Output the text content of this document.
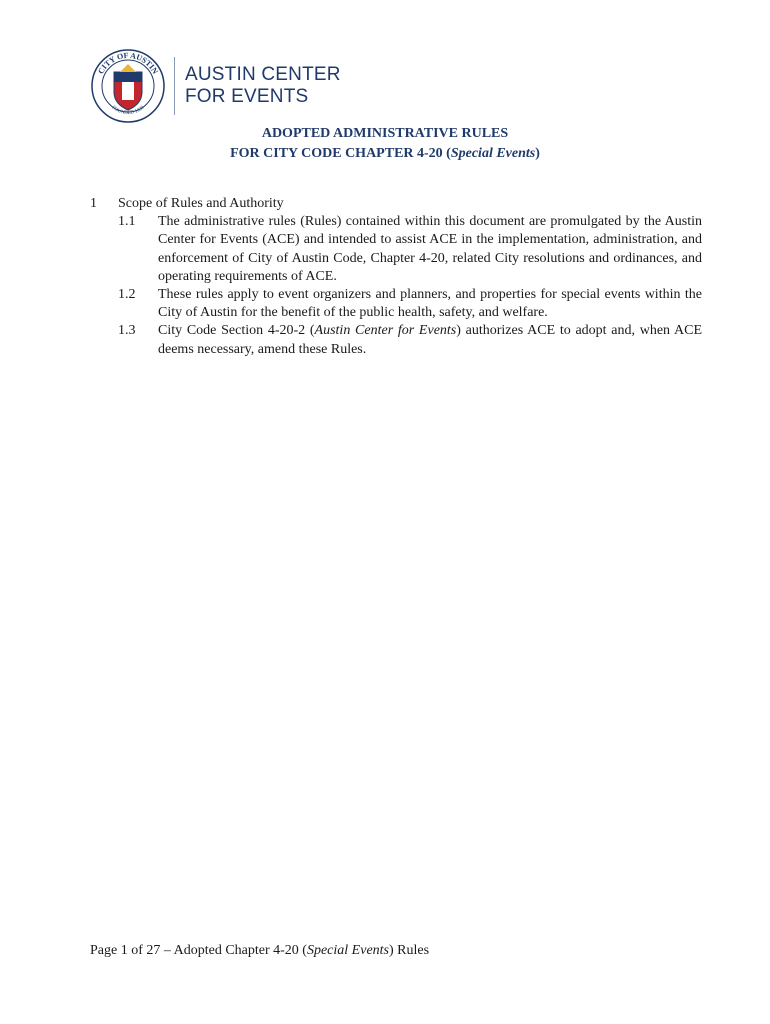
CITY OF AUSTIN
FOUNDED 1839
AUSTIN CENTER
FOR EVENTS
ADOPTED ADMINISTRATIVE RULES
FOR CITY CODE CHAPTER 4-20 (Special Events)
1	Scope of Rules and Authority
1.1	The administrative rules (Rules) contained within this document are promulgated by the Austin Center for Events (ACE) and intended to assist ACE in the implementation, administration, and enforcement of City of Austin Code, Chapter 4-20, related City resolutions and ordinances, and operating requirements of ACE.
1.2	These rules apply to event organizers and planners, and properties for special events within the City of Austin for the benefit of the public health, safety, and welfare.
1.3	City Code Section 4-20-2 (Austin Center for Events) authorizes ACE to adopt and, when ACE deems necessary, amend these Rules.
Page 1 of 27 – Adopted Chapter 4-20 (Special Events) Rules
